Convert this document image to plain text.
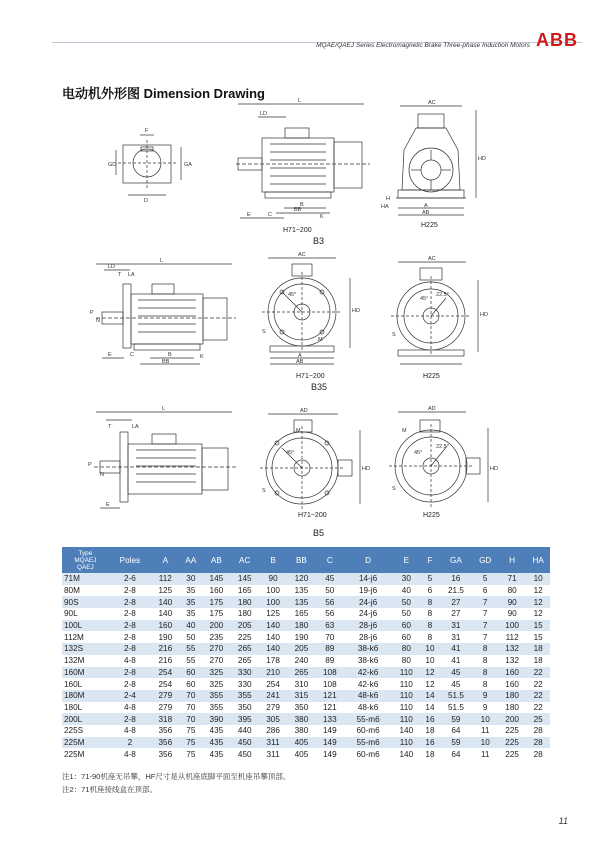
MQAE/QAEJ Series Electromagnetic Brake Three-phase Induction Motors ABB
电动机外形图 Dimension Drawing
F
GD	GA
D
L
LD
E	C
B
BB
K
H71~200
B3
AC
HD
A
AB
HA
H
H225
L
LD
T LA
P
N
E	C	B
BB
K
AC
45°
HD
S
M
A
AB
H71~200
B35
AC
45°
22.5°
HD
S
H225
L
T	LA
P
N
E
AD
45°
M
HD
S
H71~200
B5
AD
45°
22.5°
HD
M
S
H225
Type
MQAEJ
QAEJ	Poles	A	AA	AB	AC	B	BB	C	D	E	F	GA	GD	H	HA
71M	2-6	112	30	145	145	90	120	45	14-j6	30	5	16	5	71	10
80M	2-8	125	35	160	165	100	135	50	19-j6	40	6	21.5	6	80	12
90S	2-8	140	35	175	180	100	135	56	24-j6	50	8	27	7	90	12
90L	2-8	140	35	175	180	125	165	56	24-j6	50	8	27	7	90	12
100L	2-8	160	40	200	205	140	180	63	28-j6	60	8	31	7	100	15
112M	2-8	190	50	235	225	140	190	70	28-j6	60	8	31	7	112	15
132S	2-8	216	55	270	265	140	205	89	38-k6	80	10	41	8	132	18
132M	4-8	216	55	270	265	178	240	89	38-k6	80	10	41	8	132	18
160M	2-8	254	60	325	330	210	265	108	42-k6	110	12	45	8	160	22
160L	2-8	254	60	325	330	254	310	108	42-k6	110	12	45	8	160	22
180M	2-4	279	70	355	355	241	315	121	48-k6	110	14	51.5	9	180	22
180L	4-8	279	70	355	350	279	350	121	48-k6	110	14	51.5	9	180	22
200L	2-8	318	70	390	395	305	380	133	55-m6	110	16	59	10	200	25
225S	4-8	356	75	435	440	286	380	149	60-m6	140	18	64	11	225	28
225M	2	356	75	435	450	311	405	149	55-m6	110	16	59	10	225	28
225M	4-8	356	75	435	450	311	405	149	60-m6	140	18	64	11	225	28
注1：71-90机座无吊攀，HF尺寸是从机座底脚平面至机座吊攀顶部。
注2：71机座接线盒在顶部。
11
